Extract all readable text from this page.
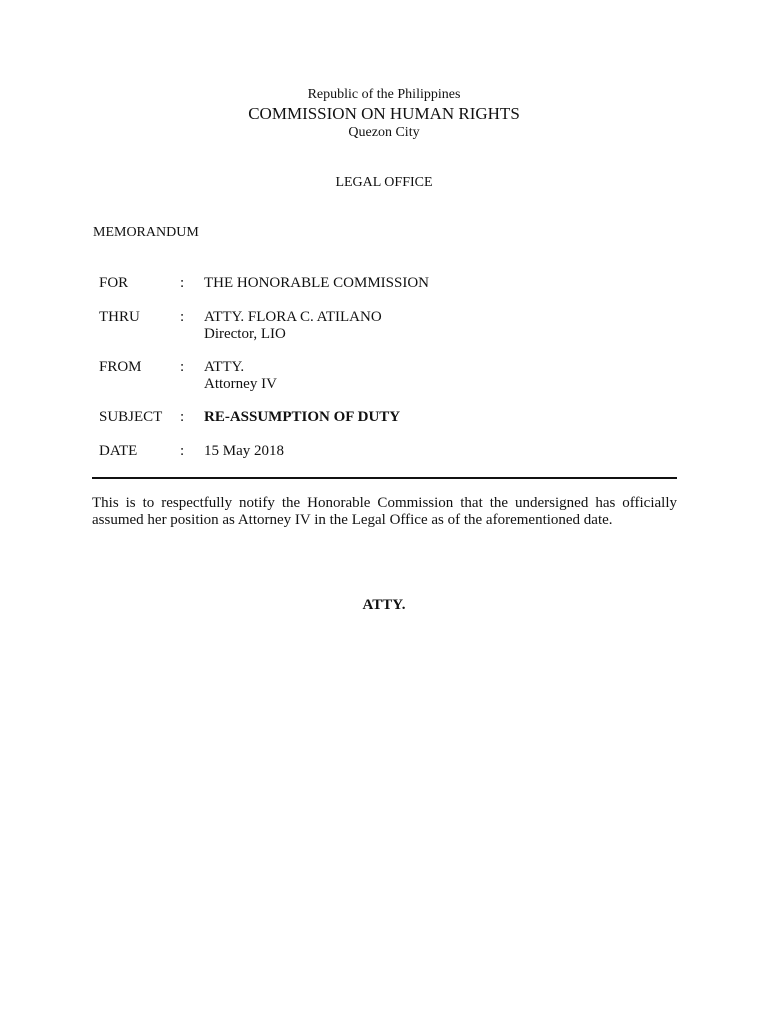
Republic of the Philippines
COMMISSION ON HUMAN RIGHTS
Quezon City
LEGAL OFFICE
MEMORANDUM
FOR	: THE HONORABLE COMMISSION
THRU	: ATTY. FLORA C. ATILANO
Director, LIO
FROM	: ATTY.
Attorney IV
SUBJECT : RE-ASSUMPTION OF DUTY
DATE	: 15 May 2018
This is to respectfully notify the Honorable Commission that the undersigned has officially assumed her position as Attorney IV in the Legal Office as of the aforementioned date.
ATTY.
